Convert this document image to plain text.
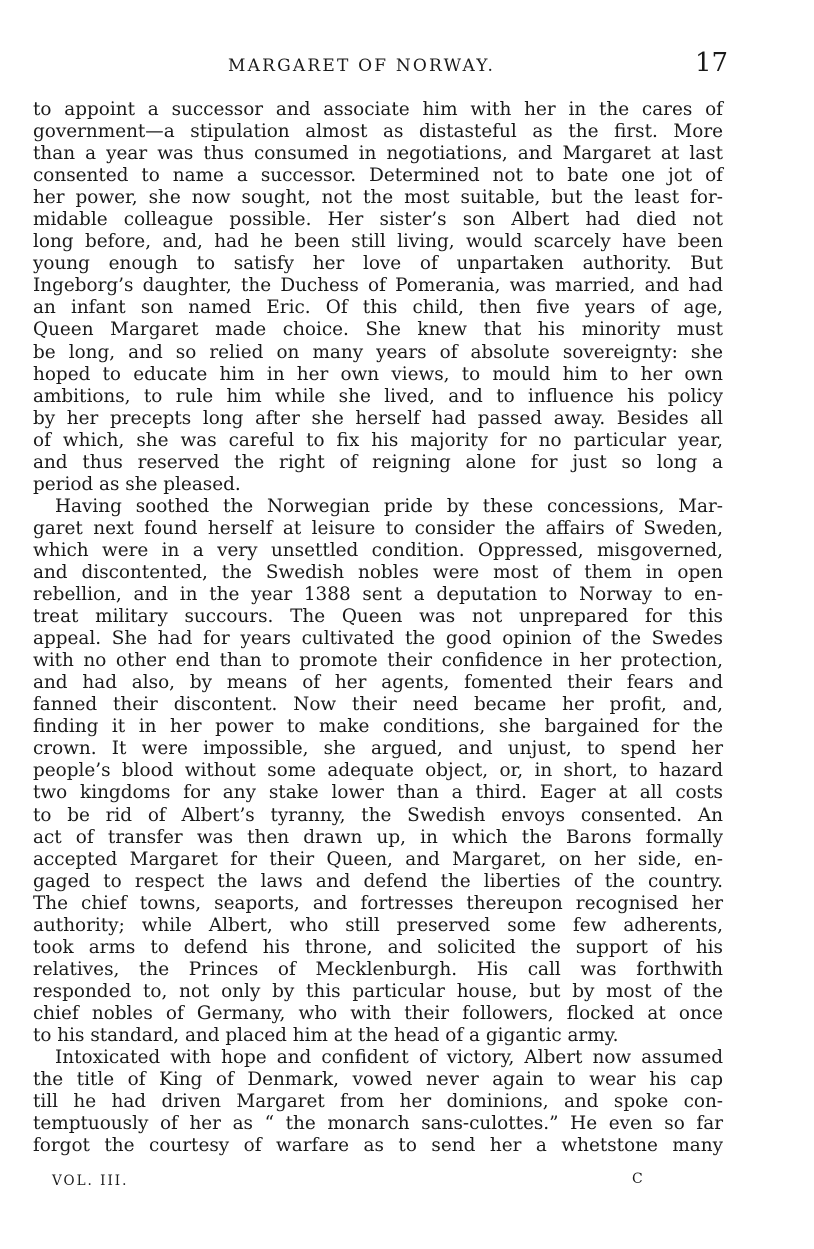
MARGARET OF NORWAY.	17
to appoint a successor and associate him with her in the cares of
government—a stipulation almost as distasteful as the first. More
than a year was thus consumed in negotiations, and Margaret at last
consented to name a successor. Determined not to bate one jot of
her power, she now sought, not the most suitable, but the least for-
midable colleague possible. Her sister’s son Albert had died not
long before, and, had he been still living, would scarcely have been
young enough to satisfy her love of unpartaken authority. But
Ingeborg’s daughter, the Duchess of Pomerania, was married, and had
an infant son named Eric. Of this child, then five years of age,
Queen Margaret made choice. She knew that his minority must
be long, and so relied on many years of absolute sovereignty: she
hoped to educate him in her own views, to mould him to her own
ambitions, to rule him while she lived, and to influence his policy
by her precepts long after she herself had passed away. Besides all
of which, she was careful to fix his majority for no particular year,
and thus reserved the right of reigning alone for just so long a
period as she pleased.
Having soothed the Norwegian pride by these concessions, Mar-
garet next found herself at leisure to consider the affairs of Sweden,
which were in a very unsettled condition. Oppressed, misgoverned,
and discontented, the Swedish nobles were most of them in open
rebellion, and in the year 1388 sent a deputation to Norway to en-
treat military succours. The Queen was not unprepared for this
appeal. She had for years cultivated the good opinion of the Swedes
with no other end than to promote their confidence in her protection,
and had also, by means of her agents, fomented their fears and
fanned their discontent. Now their need became her profit, and,
finding it in her power to make conditions, she bargained for the
crown. It were impossible, she argued, and unjust, to spend her
people’s blood without some adequate object, or, in short, to hazard
two kingdoms for any stake lower than a third. Eager at all costs
to be rid of Albert’s tyranny, the Swedish envoys consented. An
act of transfer was then drawn up, in which the Barons formally
accepted Margaret for their Queen, and Margaret, on her side, en-
gaged to respect the laws and defend the liberties of the country.
The chief towns, seaports, and fortresses thereupon recognised her
authority; while Albert, who still preserved some few adherents,
took arms to defend his throne, and solicited the support of his
relatives, the Princes of Mecklenburgh. His call was forthwith
responded to, not only by this particular house, but by most of the
chief nobles of Germany, who with their followers, flocked at once
to his standard, and placed him at the head of a gigantic army.
Intoxicated with hope and confident of victory, Albert now assumed
the title of King of Denmark, vowed never again to wear his cap
till he had driven Margaret from her dominions, and spoke con-
temptuously of her as “ the monarch sans-culottes.” He even so far
forgot the courtesy of warfare as to send her a whetstone many
VOL. III.	C
